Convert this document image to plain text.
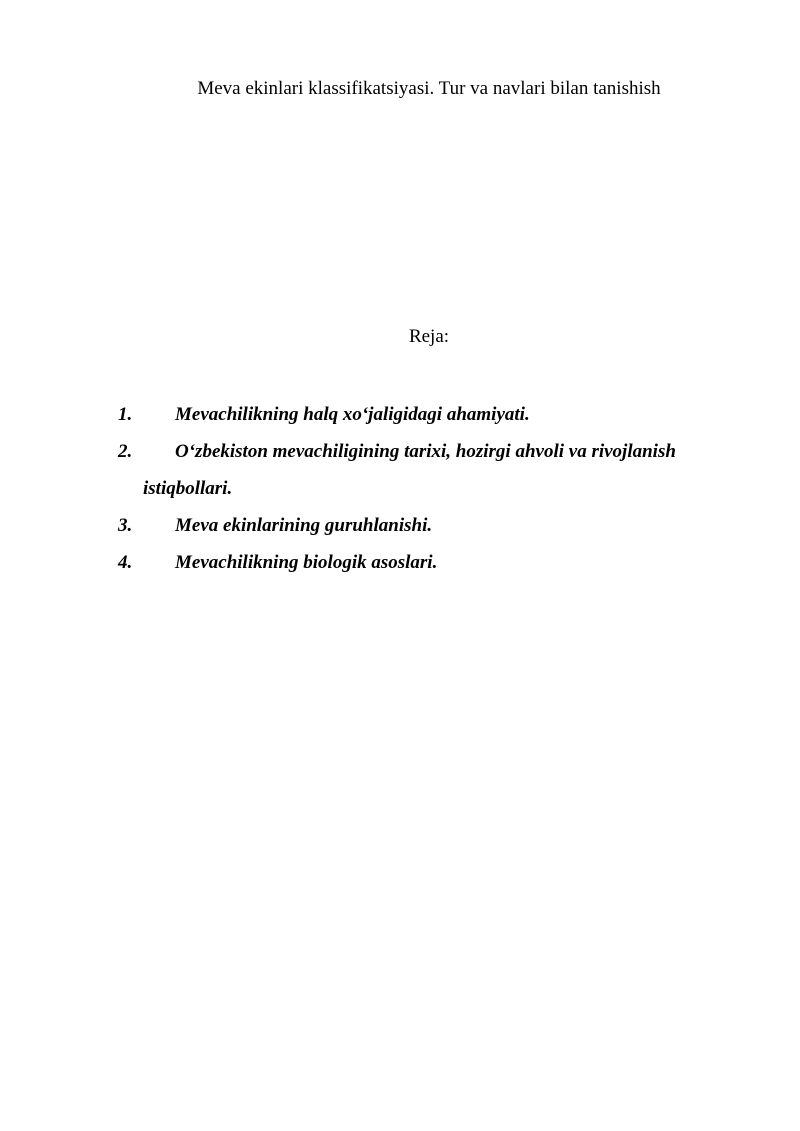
Meva ekinlari klassifikatsiyasi. Tur va navlari bilan tanishish
Reja:
1. Mevachilikning halq xo‘jaligidagi ahamiyati.
2.	O‘zbekiston mevachiligining tarixi, hozirgi ahvoli va rivojlanish
istiqbollari.
3. Meva ekinlarining guruhlanishi.
4. Mevachilikning biologik asoslari.
